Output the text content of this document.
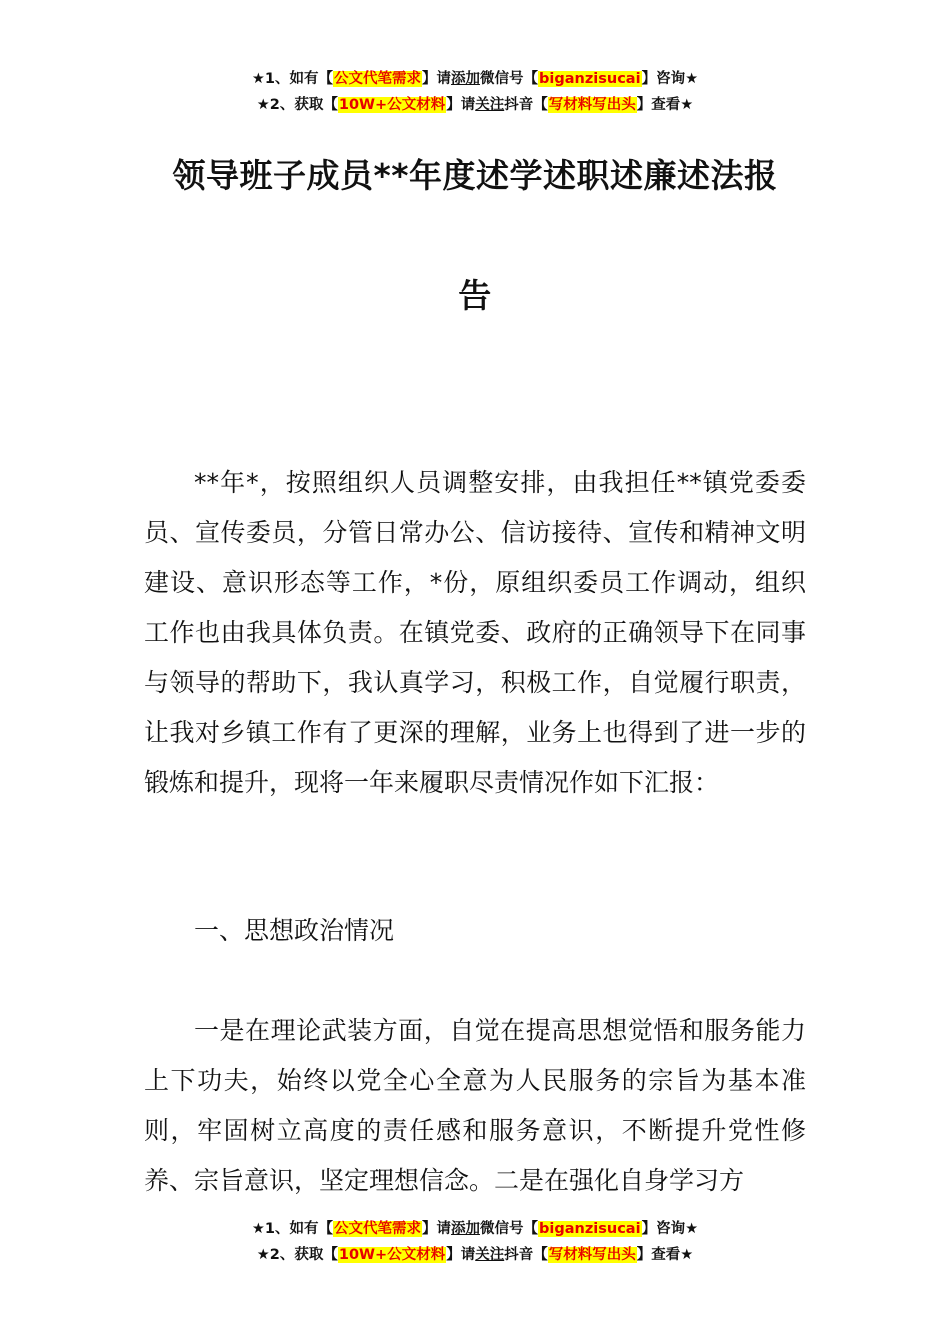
★1、如有【公文代笔需求】请添加微信号【biganzisucai】咨询★
★2、获取【10W+公文材料】请关注抖音【写材料写出头】查看★
领导班子成员**年度述学述职述廉述法报
告

**年*，按照组织人员调整安排，由我担任**镇党委委员、宣传委员，分管日常办公、信访接待、宣传和精神文明建设、意识形态等工作，*份，原组织委员工作调动，组织工作也由我具体负责。在镇党委、政府的正确领导下在同事与领导的帮助下，我认真学习，积极工作，自觉履行职责，让我对乡镇工作有了更深的理解，业务上也得到了进一步的锻炼和提升，现将一年来履职尽责情况作如下汇报：

一、思想政治情况

一是在理论武装方面，自觉在提高思想觉悟和服务能力上下功夫，始终以党全心全意为人民服务的宗旨为基本准则，牢固树立高度的责任感和服务意识，不断提升党性修养、宗旨意识，坚定理想信念。二是在强化自身学习方

★1、如有【公文代笔需求】请添加微信号【biganzisucai】咨询★
★2、获取【10W+公文材料】请关注抖音【写材料写出头】查看★
